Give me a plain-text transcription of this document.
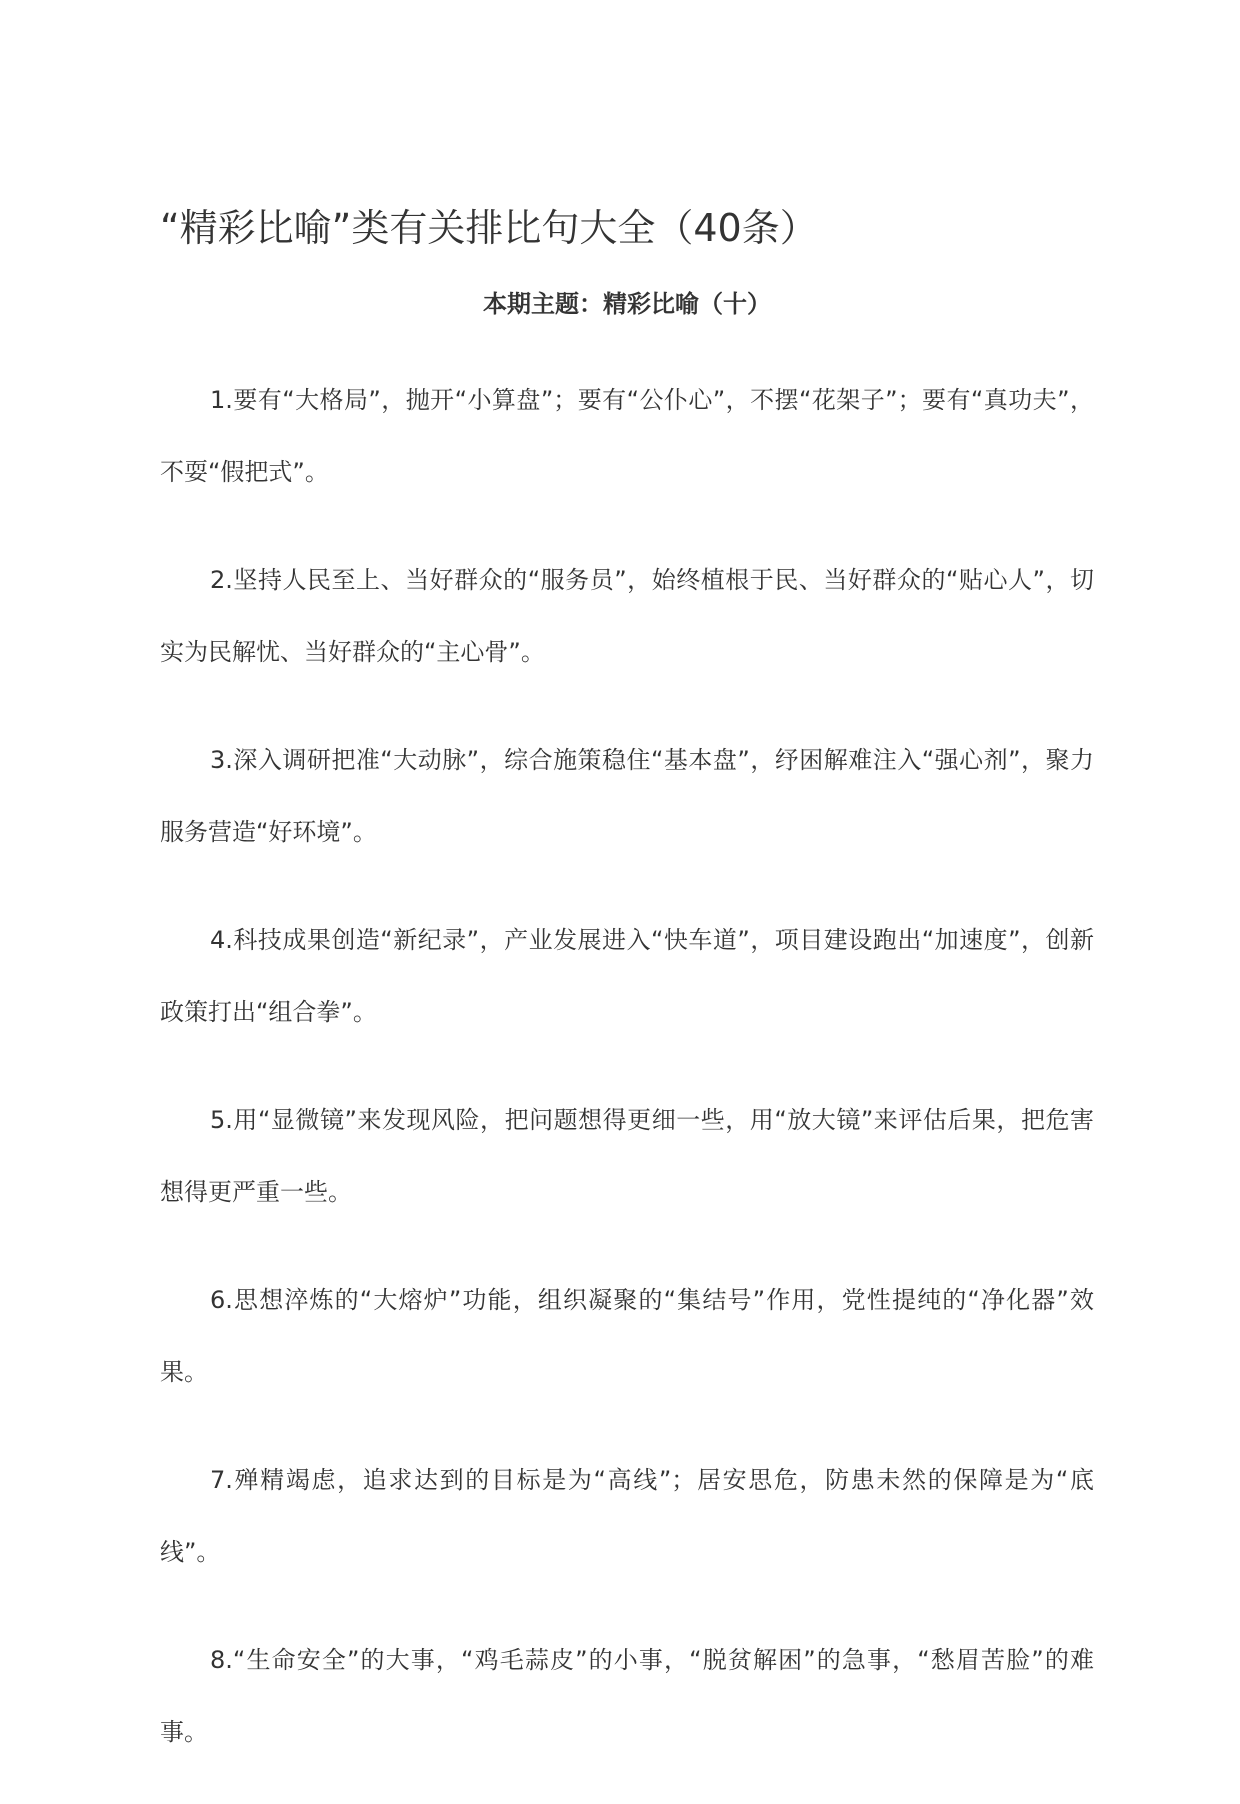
“精彩比喻”类有关排比句大全（40条）
本期主题：精彩比喻（十）

1.要有“大格局”，抛开“小算盘”；要有“公仆心”，不摆“花架子”；要有“真功夫”，不耍“假把式”。

2.坚持人民至上、当好群众的“服务员”，始终植根于民、当好群众的“贴心人”，切实为民解忧、当好群众的“主心骨”。

3.深入调研把准“大动脉”，综合施策稳住“基本盘”，纾困解难注入“强心剂”，聚力服务营造“好环境”。

4.科技成果创造“新纪录”，产业发展进入“快车道”，项目建设跑出“加速度”，创新政策打出“组合拳”。

5.用“显微镜”来发现风险，把问题想得更细一些，用“放大镜”来评估后果，把危害想得更严重一些。

6.思想淬炼的“大熔炉”功能，组织凝聚的“集结号”作用，党性提纯的“净化器”效果。

7.殚精竭虑，追求达到的目标是为“高线”；居安思危，防患未然的保障是为“底线”。

8.“生命安全”的大事，“鸡毛蒜皮”的小事，“脱贫解困”的急事，“愁眉苦脸”的难事。
